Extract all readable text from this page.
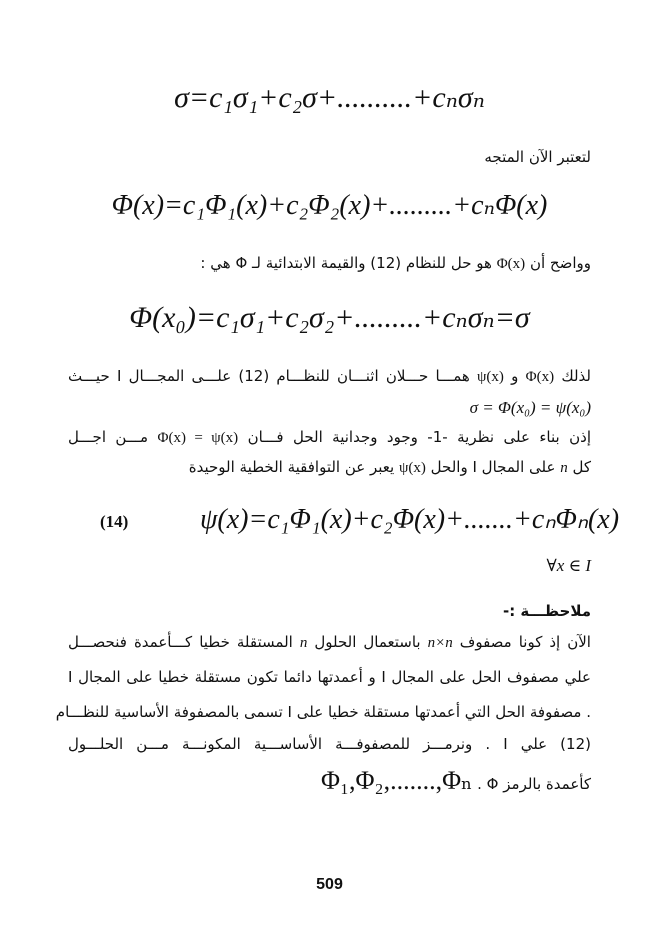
σ=c₁σ₁+c₂σ+..........+cₙσₙ
لتعتبر الآن المتجه
Φ(x)=c₁Φ₁(x)+c₂Φ₂(x)+.........+cₙΦ(x)
وواضح أن Φ(x) هو حل للنظام (12) والقيمة الابتدائية لـ Φ هي :
Φ(x₀)=c₁σ₁+c₂σ₂+.........+cₙσₙ=σ
لذلك Φ(x) و ψ(x) همـــا حـــلان اثنـــان للنظـــام (12) علـــى المجـــال I حيـــث
σ = Φ(x₀) = ψ(x₀)
إذن بناء على نظرية -1- وجود وجدانية الحل فـــان Φ(x) = ψ(x) مـــن اجـــل
كل n على المجال I والحل ψ(x) يعبر عن التوافقية الخطية الوحيدة
(14)	ψ(x)=c₁Φ₁(x)+c₂Φ(x)+.......+cₙΦₙ(x)
∀x ∈ I
ملاحظـــة :-
الآن إذ كونا مصفوف n×n باستعمال الحلول n المستقلة خطيا كـــأعمدة فنحصـــل
علي مصفوف الحل على المجال I و أعمدتها دائما تكون مستقلة خطيا على المجال I
. مصفوفة الحل التي أعمدتها مستقلة خطيا على I تسمى بالمصفوفة الأساسية للنظـــام
(12) علي I . ونرمـــز للمصفوفـــة الأساســـية المكونـــة مـــن الحلـــول
كأعمدة بالرمز Φ . Φ₁,Φ₂,.......,Φₙ
509
